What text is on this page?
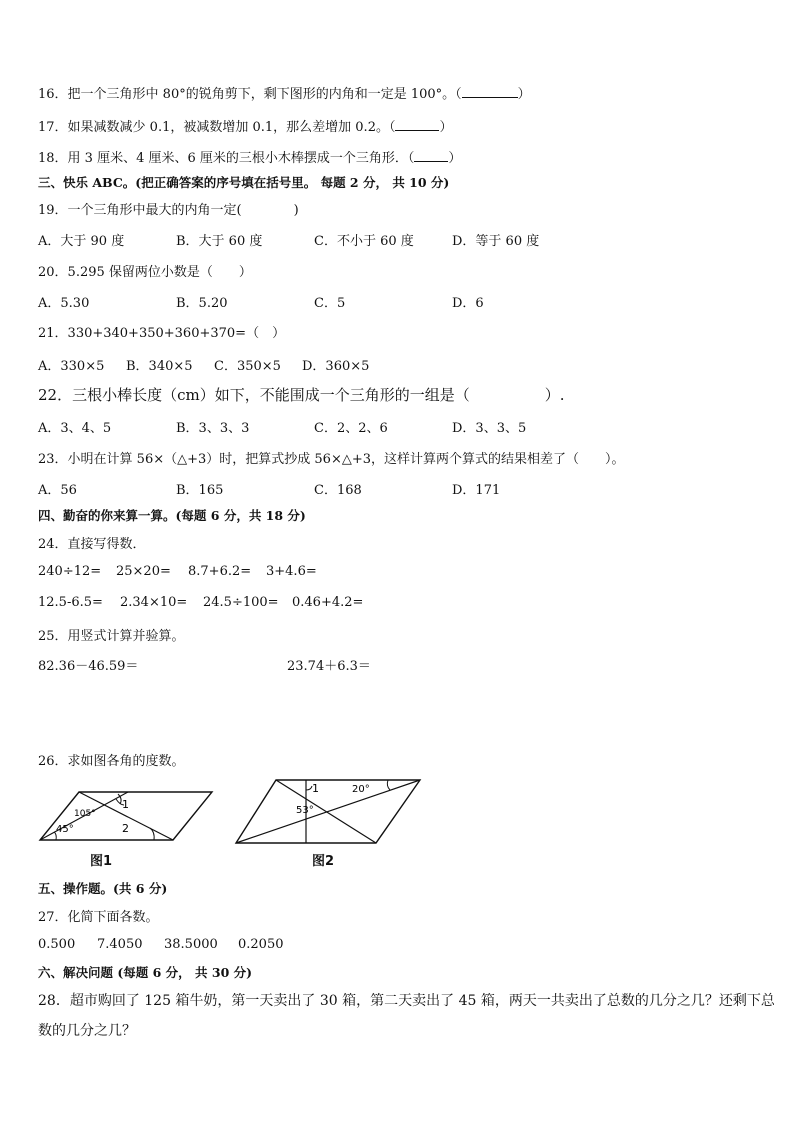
16．把一个三角形中 80°的锐角剪下，剩下图形的内角和一定是 100°。（	）
17．如果减数减少 0.1，被减数增加 0.1，那么差增加 0.2。（	）
18．用 3 厘米、4 厘米、6 厘米的三根小木棒摆成一个三角形．（	）
三、快乐 ABC。(把正确答案的序号填在括号里。 每题 2 分， 共 10 分)
19．一个三角形中最大的内角一定(　　　　)
A．大于 90 度	B．大于 60 度	C．不小于 60 度	D．等于 60 度
20．5.295 保留两位小数是（　　）
A．5.30	B．5.20	C．5	D．6
21．330+340+350+360+370=（　）
A．330×5 B．340×5 C．350×5 D．360×5
22．三根小棒长度（cm）如下，不能围成一个三角形的一组是（　　　　　）.
A．3、4、5	B．3、3、3	C．2、2、6	D．3、3、5
23．小明在计算 56×（△+3）时，把算式抄成 56×△+3，这样计算两个算式的结果相差了（　　）。
A．56	B．165	C．168	D．171
四、勤奋的你来算一算。(每题 6 分，共 18 分)
24．直接写得数．
240÷12= 25×20= 8.7+6.2= 3+4.6=
12.5-6.5= 2.34×10= 24.5÷100= 0.46+4.2=
25．用竖式计算并验算。
82.36－46.59＝	23.74＋6.3＝
26．求如图各角的度数。
105°
45°
1
2
图1
1	20°
53°
图2
五、操作题。(共 6 分)
27．化简下面各数。
0.500 7.4050 38.5000 0.2050
六、解决问题 (每题 6 分， 共 30 分)
28．超市购回了 125 箱牛奶，第一天卖出了 30 箱，第二天卖出了 45 箱，两天一共卖出了总数的几分之几？还剩下总
数的几分之几？
